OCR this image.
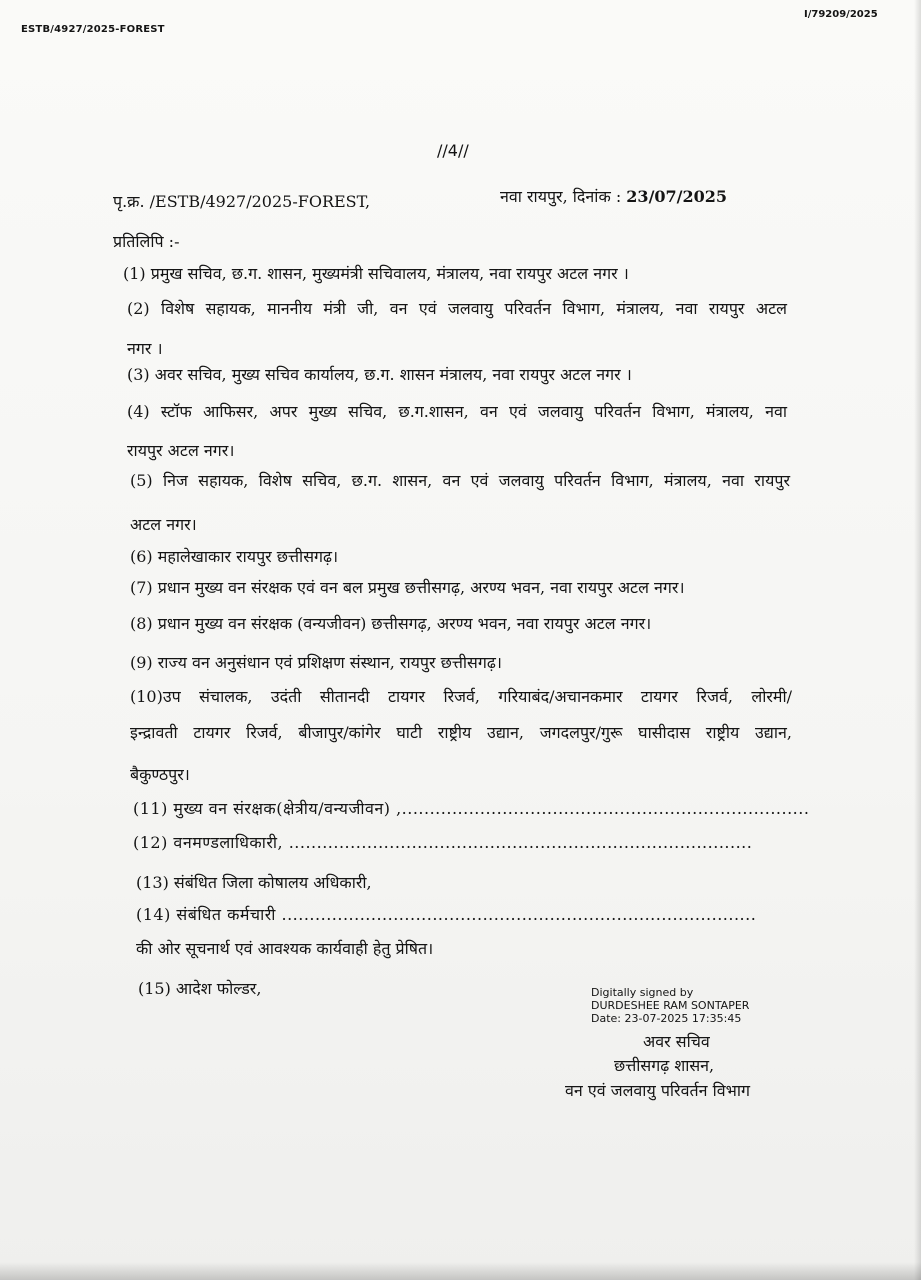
ESTB/4927/2025-FOREST
I/79209/2025
//4//
पृ.क्र. /ESTB/4927/2025-FOREST,	नवा रायपुर, दिनांक : 23/07/2025
प्रतिलिपि :-
(1) प्रमुख सचिव, छ.ग. शासन, मुख्यमंत्री सचिवालय, मंत्रालय, नवा रायपुर अटल नगर ।
(2) विशेष सहायक, माननीय मंत्री जी, वन एवं जलवायु परिवर्तन विभाग, मंत्रालय, नवा रायपुर अटल
नगर ।
(3) अवर सचिव, मुख्य सचिव कार्यालय, छ.ग. शासन मंत्रालय, नवा रायपुर अटल नगर ।
(4) स्टॉफ आफिसर, अपर मुख्य सचिव, छ.ग.शासन, वन एवं जलवायु परिवर्तन विभाग, मंत्रालय, नवा
रायपुर अटल नगर।
(5) निज सहायक, विशेष सचिव, छ.ग. शासन, वन एवं जलवायु परिवर्तन विभाग, मंत्रालय, नवा रायपुर
अटल नगर।
(6) महालेखाकार रायपुर छत्तीसगढ़।
(7) प्रधान मुख्य वन संरक्षक एवं वन बल प्रमुख छत्तीसगढ़, अरण्य भवन, नवा रायपुर अटल नगर।
(8) प्रधान मुख्य वन संरक्षक (वन्यजीवन) छत्तीसगढ़, अरण्य भवन, नवा रायपुर अटल नगर।
(9) राज्य वन अनुसंधान एवं प्रशिक्षण संस्थान, रायपुर छत्तीसगढ़।
(10)उप संचालक, उदंती सीतानदी टायगर रिजर्व, गरियाबंद/अचानकमार टायगर रिजर्व, लोरमी/
इन्द्रावती टायगर रिजर्व, बीजापुर/कांगेर घाटी राष्ट्रीय उद्यान, जगदलपुर/गुरू घासीदास राष्ट्रीय उद्यान,
बैकुण्ठपुर।
(11) मुख्य वन संरक्षक(क्षेत्रीय/वन्यजीवन) ,.........................................................................
(12) वनमण्डलाधिकारी, ...................................................................................
(13) संबंधित जिला कोषालय अधिकारी,
(14) संबंधित कर्मचारी .....................................................................................
की ओर सूचनार्थ एवं आवश्यक कार्यवाही हेतु प्रेषित।
(15) आदेश फोल्डर,	Digitally signed by
DURDESHEE RAM SONTAPER
Date: 23-07-2025 17:35:45
अवर सचिव
छत्तीसगढ़ शासन,
वन एवं जलवायु परिवर्तन विभाग
